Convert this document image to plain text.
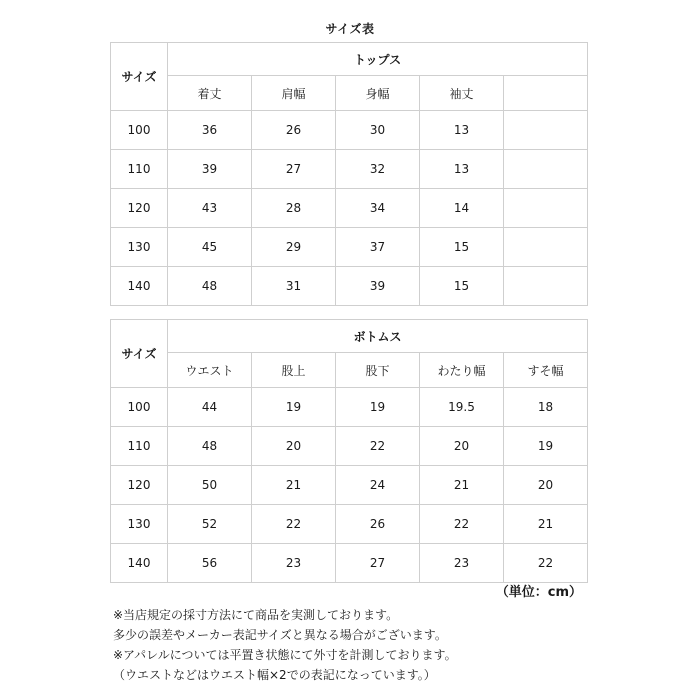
サイズ表
サイズ	トップス				
	着丈	肩幅	身幅	袖丈	
100	36	26	30	13	
110	39	27	32	13	
120	43	28	34	14	
130	45	29	37	15	
140	48	31	39	15	
サイズ	ボトムス				
	ウエスト	股上	股下	わたり幅	すそ幅
100	44	19	19	19.5	18
110	48	20	22	20	19
120	50	21	24	21	20
130	52	22	26	22	21
140	56	23	27	23	22
（単位：cm）
※当店規定の採寸方法にて商品を実測しております。
多少の誤差やメーカー表記サイズと異なる場合がございます。
※アパレルについては平置き状態にて外寸を計測しております。
（ウエストなどはウエスト幅×2での表記になっています。）
